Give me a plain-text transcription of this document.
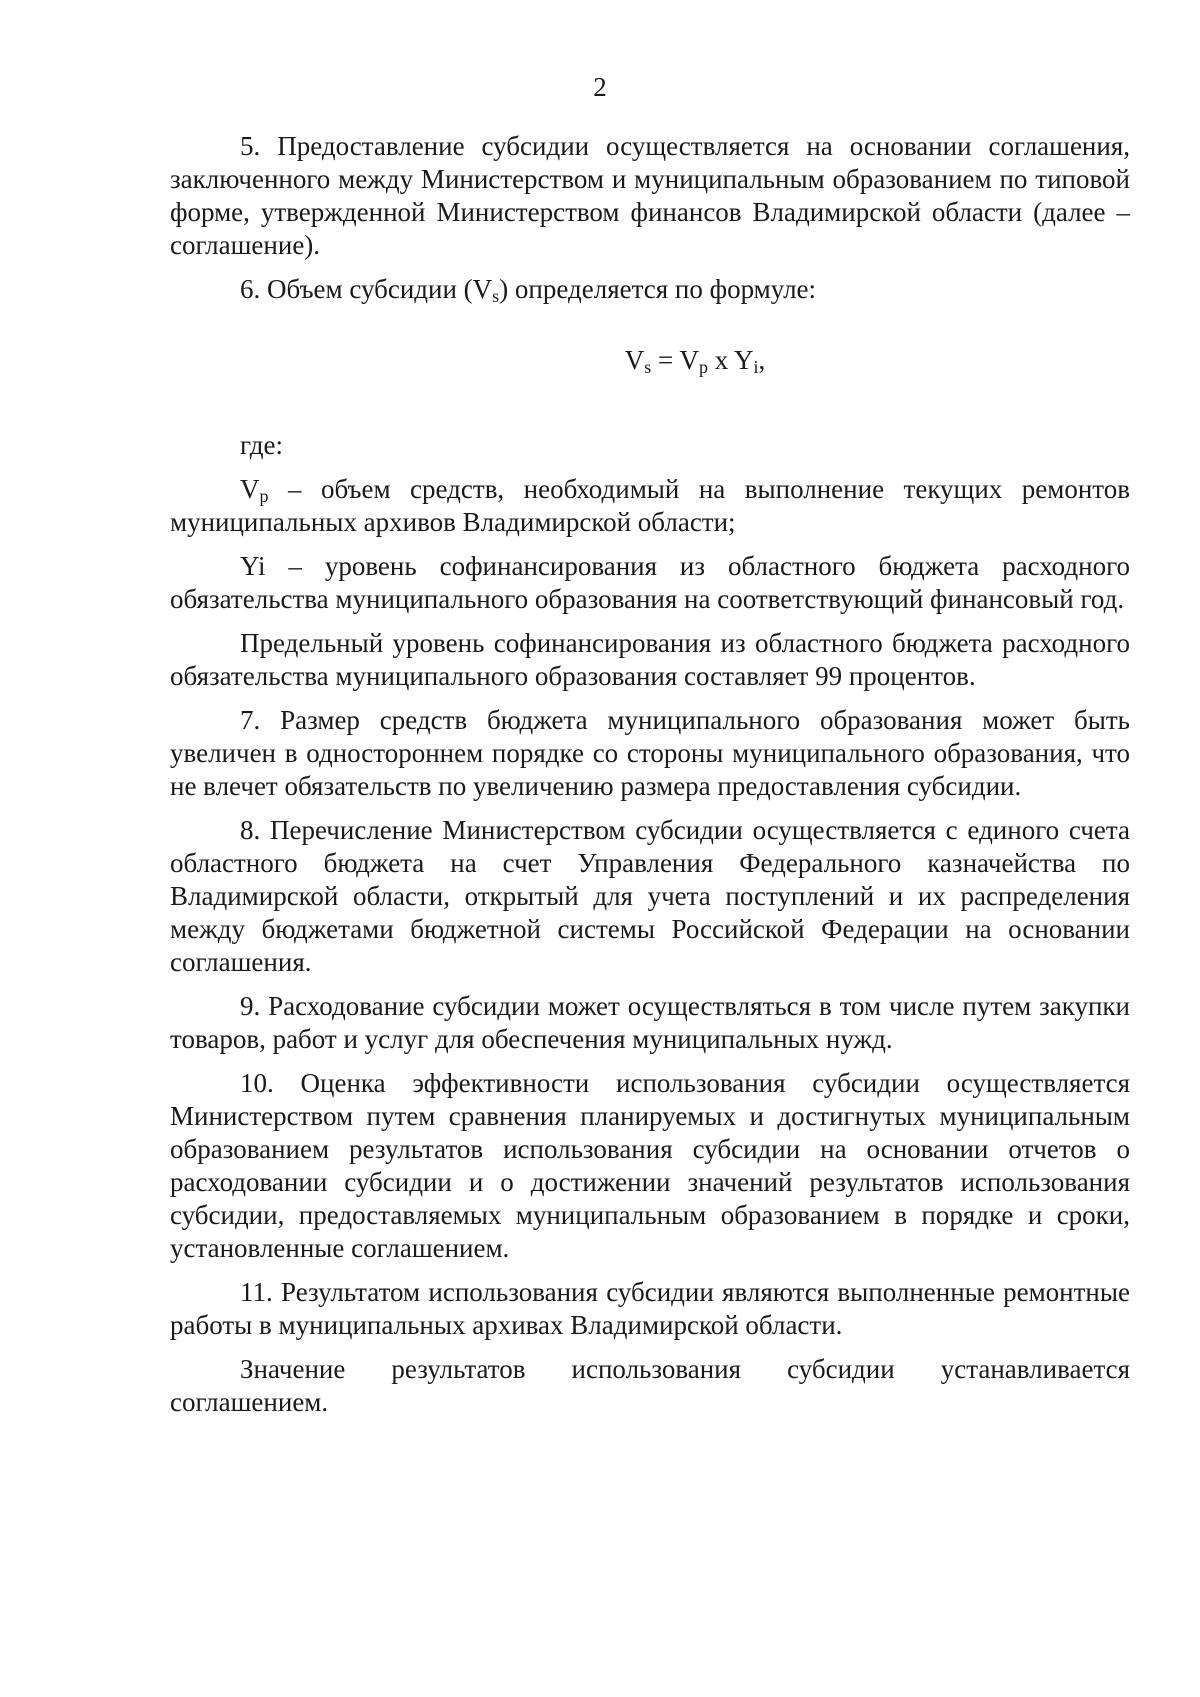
2

5. Предоставление субсидии осуществляется на основании соглашения, заключенного между Министерством и муниципальным образованием по типовой форме, утвержденной Министерством финансов Владимирской области (далее – соглашение).

6. Объем субсидии $(V_s)$ определяется по формуле:

$V_s = V_p$ x $Y_i$,

где:

$V_p$ – объем средств, необходимый на выполнение текущих ремонтов муниципальных архивов Владимирской области;

Yi – уровень софинансирования из областного бюджета расходного обязательства муниципального образования на соответствующий финансовый год.

Предельный уровень софинансирования из областного бюджета расходного обязательства муниципального образования составляет 99 процентов.

7. Размер средств бюджета муниципального образования может быть увеличен в одностороннем порядке со стороны муниципального образования, что не влечет обязательств по увеличению размера предоставления субсидии.

8. Перечисление Министерством субсидии осуществляется с единого счета областного бюджета на счет Управления Федерального казначейства по Владимирской области, открытый для учета поступлений и их распределения между бюджетами бюджетной системы Российской Федерации на основании соглашения.

9. Расходование субсидии может осуществляться в том числе путем закупки товаров, работ и услуг для обеспечения муниципальных нужд.

10. Оценка эффективности использования субсидии осуществляется Министерством путем сравнения планируемых и достигнутых муниципальным образованием результатов использования субсидии на основании отчетов о расходовании субсидии и о достижении значений результатов использования субсидии, предоставляемых муниципальным образованием в порядке и сроки, установленные соглашением.

11. Результатом использования субсидии являются выполненные ремонтные работы в муниципальных архивах Владимирской области.

Значение результатов использования субсидии устанавливается соглашением.
